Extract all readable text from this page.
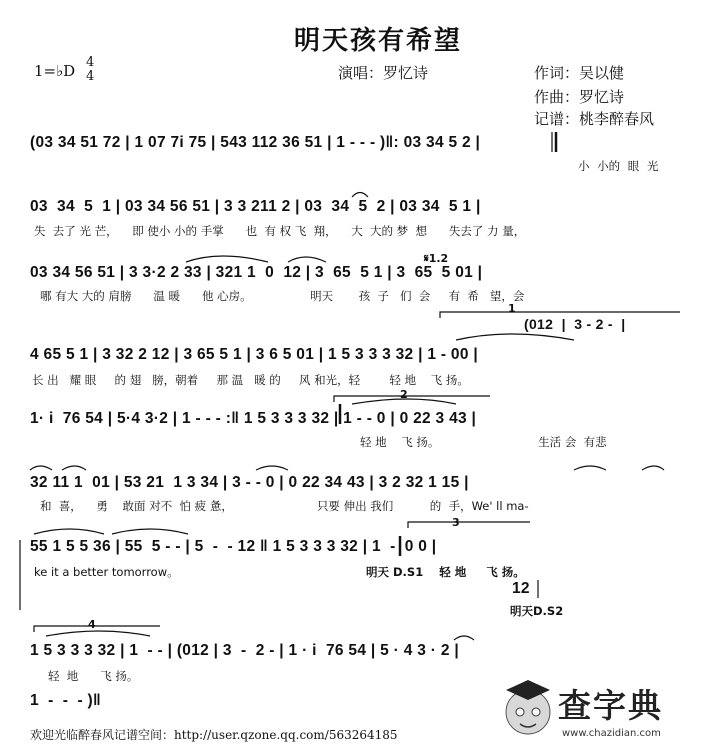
明天孩有希望
1=♭D 4
4	演唱：罗忆诗	作词：吴以健
作曲：罗忆诗
记谱：桃李醉春风
(03 34 51 72 | 1 07 7i 75 | 543 112 36 51 | 1 - - - )‖: 03 34 5 2 |
小 小的 眼 光
03  34  5  1 | 03 34 56 51 | 3 3 211 2 | 03  34  5  2 | 03 34  5 1 |
失  去了 光 芒，    即 使小 小的 手掌      也  有 权 飞  翔，    大  大的 梦  想      失去了 力 量，
𝄋1.2
03 34 56 51 | 3 3·2 2 33 | 321 1  0  12 | 3  65  5 1 | 3  65  5 01 |
哪 有大 大的 肩膀      温 暖      他 心房。                明天       孩  子   们  会     有  希   望，会
1
(012  |  3 - 2 -  |
4 65 5 1 | 3 32 2 12 | 3 65 5 1 | 3 6 5 01 | 1 5 3 3 3 32 | 1 - 00 |
长 出   耀 眼     的 翅   膀，朝着     那 温   暖 的     风 和光，轻        轻 地    飞 扬。
2
1· i  76 54 | 5·4 3·2 | 1 - - - :‖ 1 5 3 3 3 32 | 1 - - 0 | 0 22 3 43 |
轻 地    飞 扬。                           生活 会  有悲
32 11 1  01 | 53 21  1 3 34 | 3 - - 0 | 0 22 34 43 | 3 2 32 1 15 |
和  喜，    勇    敢面 对不  怕 疲 惫，                       只要 伸出 我们          的  手，We' ll ma-
3
55 1 5 5 36 | 55  5 - - | 5  -  - 12 ‖ 1 5 3 3 3 32 | 1  -  0 0 |
ke it a better tomorrow。	明天 D.S1    轻 地     飞 扬。
12
明天D.S2
4
1 5 3 3 3 32 | 1  - - | (012 | 3  -  2 - | 1 · i  76 54 | 5 · 4 3 · 2 |
轻  地      飞 扬。
1  -  -  - )‖
欢迎光临醉春风记谱空间：http://user.qzone.qq.com/563264185
查字典
www.chazidian.com
